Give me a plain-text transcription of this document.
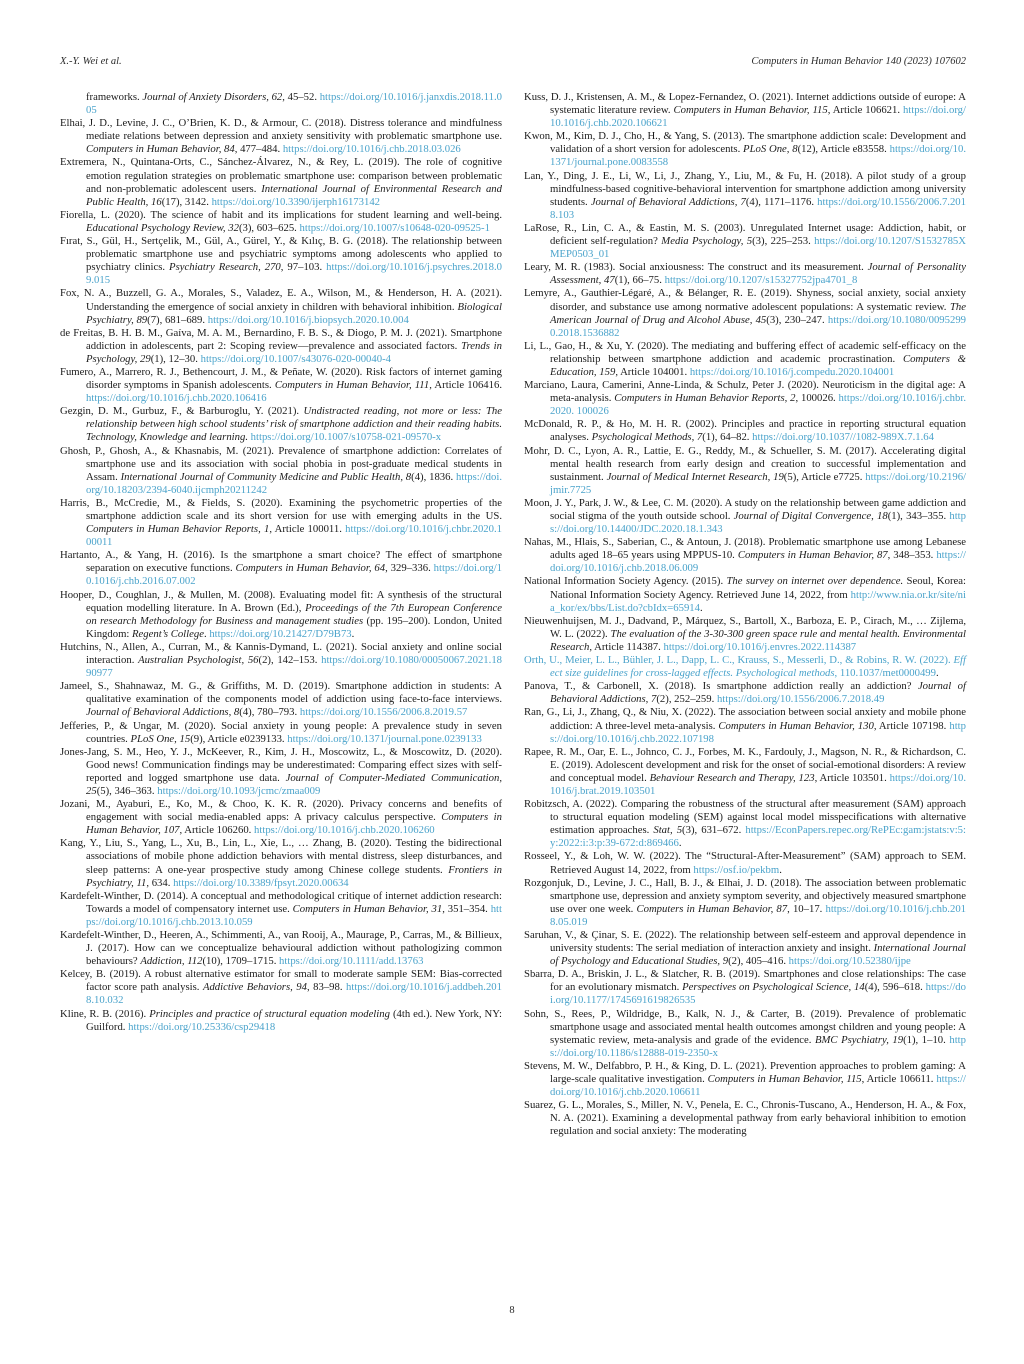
X.-Y. Wei et al.	Computers in Human Behavior 140 (2023) 107602

frameworks. Journal of Anxiety Disorders, 62, 45–52. https://doi.org/10.1016/j.janxdis.2018.11.005

Elhai, J. D., Levine, J. C., O’Brien, K. D., & Armour, C. (2018). Distress tolerance and mindfulness mediate relations between depression and anxiety sensitivity with problematic smartphone use. Computers in Human Behavior, 84, 477–484. https://doi.org/10.1016/j.chb.2018.03.026

Extremera, N., Quintana-Orts, C., Sánchez-Álvarez, N., & Rey, L. (2019). The role of cognitive emotion regulation strategies on problematic smartphone use: comparison between problematic and non-problematic adolescent users. International Journal of Environmental Research and Public Health, 16(17), 3142. https://doi.org/10.3390/ijerph16173142

Fiorella, L. (2020). The science of habit and its implications for student learning and well-being. Educational Psychology Review, 32(3), 603–625. https://doi.org/10.1007/s10648-020-09525-1

Fırat, S., Gül, H., Sertçelik, M., Gül, A., Gürel, Y., & Kılıç, B. G. (2018). The relationship between problematic smartphone use and psychiatric symptoms among adolescents who applied to psychiatry clinics. Psychiatry Research, 270, 97–103. https://doi.org/10.1016/j.psychres.2018.09.015

Fox, N. A., Buzzell, G. A., Morales, S., Valadez, E. A., Wilson, M., & Henderson, H. A. (2021). Understanding the emergence of social anxiety in children with behavioral inhibition. Biological Psychiatry, 89(7), 681–689. https://doi.org/10.1016/j.biopsych.2020.10.004

de Freitas, B. H. B. M., Gaíva, M. A. M., Bernardino, F. B. S., & Diogo, P. M. J. (2021). Smartphone addiction in adolescents, part 2: Scoping review—prevalence and associated factors. Trends in Psychology, 29(1), 12–30. https://doi.org/10.1007/s43076-020-00040-4

Fumero, A., Marrero, R. J., Bethencourt, J. M., & Peñate, W. (2020). Risk factors of internet gaming disorder symptoms in Spanish adolescents. Computers in Human Behavior, 111, Article 106416. https://doi.org/10.1016/j.chb.2020.106416

Gezgin, D. M., Gurbuz, F., & Barburoglu, Y. (2021). Undistracted reading, not more or less: The relationship between high school students’ risk of smartphone addiction and their reading habits. Technology, Knowledge and learning. https://doi.org/10.1007/s10758-021-09570-x

Ghosh, P., Ghosh, A., & Khasnabis, M. (2021). Prevalence of smartphone addiction: Correlates of smartphone use and its association with social phobia in post-graduate medical students in Assam. International Journal of Community Medicine and Public Health, 8(4), 1836. https://doi.org/10.18203/2394-6040.ijcmph20211242

Harris, B., McCredie, M., & Fields, S. (2020). Examining the psychometric properties of the smartphone addiction scale and its short version for use with emerging adults in the US. Computers in Human Behavior Reports, 1, Article 100011. https://doi.org/10.1016/j.chbr.2020.100011

Hartanto, A., & Yang, H. (2016). Is the smartphone a smart choice? The effect of smartphone separation on executive functions. Computers in Human Behavior, 64, 329–336. https://doi.org/10.1016/j.chb.2016.07.002

Hooper, D., Coughlan, J., & Mullen, M. (2008). Evaluating model fit: A synthesis of the structural equation modelling literature. In A. Brown (Ed.), Proceedings of the 7th European Conference on research Methodology for Business and management studies (pp. 195–200). London, United Kingdom: Regent’s College. https://doi.org/10.21427/D79B73.

Hutchins, N., Allen, A., Curran, M., & Kannis-Dymand, L. (2021). Social anxiety and online social interaction. Australian Psychologist, 56(2), 142–153. https://doi.org/10.1080/00050067.2021.1890977

Jameel, S., Shahnawaz, M. G., & Griffiths, M. D. (2019). Smartphone addiction in students: A qualitative examination of the components model of addiction using face-to-face interviews. Journal of Behavioral Addictions, 8(4), 780–793. https://doi.org/10.1556/2006.8.2019.57

Jefferies, P., & Ungar, M. (2020). Social anxiety in young people: A prevalence study in seven countries. PLoS One, 15(9), Article e0239133. https://doi.org/10.1371/journal.pone.0239133

Jones-Jang, S. M., Heo, Y. J., McKeever, R., Kim, J. H., Moscowitz, L., & Moscowitz, D. (2020). Good news! Communication findings may be underestimated: Comparing effect sizes with self-reported and logged smartphone use data. Journal of Computer-Mediated Communication, 25(5), 346–363. https://doi.org/10.1093/jcmc/zmaa009

Jozani, M., Ayaburi, E., Ko, M., & Choo, K. K. R. (2020). Privacy concerns and benefits of engagement with social media-enabled apps: A privacy calculus perspective. Computers in Human Behavior, 107, Article 106260. https://doi.org/10.1016/j.chb.2020.106260

Kang, Y., Liu, S., Yang, L., Xu, B., Lin, L., Xie, L., … Zhang, B. (2020). Testing the bidirectional associations of mobile phone addiction behaviors with mental distress, sleep disturbances, and sleep patterns: A one-year prospective study among Chinese college students. Frontiers in Psychiatry, 11, 634. https://doi.org/10.3389/fpsyt.2020.00634

Kardefelt-Winther, D. (2014). A conceptual and methodological critique of internet addiction research: Towards a model of compensatory internet use. Computers in Human Behavior, 31, 351–354. https://doi.org/10.1016/j.chb.2013.10.059

Kardefelt-Winther, D., Heeren, A., Schimmenti, A., van Rooij, A., Maurage, P., Carras, M., & Billieux, J. (2017). How can we conceptualize behavioural addiction without pathologizing common behaviours? Addiction, 112(10), 1709–1715. https://doi.org/10.1111/add.13763

Kelcey, B. (2019). A robust alternative estimator for small to moderate sample SEM: Bias-corrected factor score path analysis. Addictive Behaviors, 94, 83–98. https://doi.org/10.1016/j.addbeh.2018.10.032

Kline, R. B. (2016). Principles and practice of structural equation modeling (4th ed.). New York, NY: Guilford. https://doi.org/10.25336/csp29418

Kuss, D. J., Kristensen, A. M., & Lopez-Fernandez, O. (2021). Internet addictions outside of europe: A systematic literature review. Computers in Human Behavior, 115, Article 106621. https://doi.org/10.1016/j.chb.2020.106621

Kwon, M., Kim, D. J., Cho, H., & Yang, S. (2013). The smartphone addiction scale: Development and validation of a short version for adolescents. PLoS One, 8(12), Article e83558. https://doi.org/10.1371/journal.pone.0083558

Lan, Y., Ding, J. E., Li, W., Li, J., Zhang, Y., Liu, M., & Fu, H. (2018). A pilot study of a group mindfulness-based cognitive-behavioral intervention for smartphone addiction among university students. Journal of Behavioral Addictions, 7(4), 1171–1176. https://doi.org/10.1556/2006.7.2018.103

LaRose, R., Lin, C. A., & Eastin, M. S. (2003). Unregulated Internet usage: Addiction, habit, or deficient self-regulation? Media Psychology, 5(3), 225–253. https://doi.org/10.1207/S1532785XMEP0503_01

Leary, M. R. (1983). Social anxiousness: The construct and its measurement. Journal of Personality Assessment, 47(1), 66–75. https://doi.org/10.1207/s15327752jpa4701_8

Lemyre, A., Gauthier-Légaré, A., & Bélanger, R. E. (2019). Shyness, social anxiety, social anxiety disorder, and substance use among normative adolescent populations: A systematic review. The American Journal of Drug and Alcohol Abuse, 45(3), 230–247. https://doi.org/10.1080/00952990.2018.1536882

Li, L., Gao, H., & Xu, Y. (2020). The mediating and buffering effect of academic self-efficacy on the relationship between smartphone addiction and academic procrastination. Computers & Education, 159, Article 104001. https://doi.org/10.1016/j.compedu.2020.104001

Marciano, Laura, Camerini, Anne-Linda, & Schulz, Peter J. (2020). Neuroticism in the digital age: A meta-analysis. Computers in Human Behavior Reports, 2, 100026. https://doi.org/10.1016/j.chbr.2020. 100026

McDonald, R. P., & Ho, M. H. R. (2002). Principles and practice in reporting structural equation analyses. Psychological Methods, 7(1), 64–82. https://doi.org/10.1037//1082-989X.7.1.64

Mohr, D. C., Lyon, A. R., Lattie, E. G., Reddy, M., & Schueller, S. M. (2017). Accelerating digital mental health research from early design and creation to successful implementation and sustainment. Journal of Medical Internet Research, 19(5), Article e7725. https://doi.org/10.2196/jmir.7725

Moon, J. Y., Park, J. W., & Lee, C. M. (2020). A study on the relationship between game addiction and social stigma of the youth outside school. Journal of Digital Convergence, 18(1), 343–355. https://doi.org/10.14400/JDC.2020.18.1.343

Nahas, M., Hlais, S., Saberian, C., & Antoun, J. (2018). Problematic smartphone use among Lebanese adults aged 18–65 years using MPPUS-10. Computers in Human Behavior, 87, 348–353. https://doi.org/10.1016/j.chb.2018.06.009

National Information Society Agency. (2015). The survey on internet over dependence. Seoul, Korea: National Information Society Agency. Retrieved June 14, 2022, from http://www.nia.or.kr/site/nia_kor/ex/bbs/List.do?cbIdx=65914.

Nieuwenhuijsen, M. J., Dadvand, P., Márquez, S., Bartoll, X., Barboza, E. P., Cirach, M., … Zijlema, W. L. (2022). The evaluation of the 3-30-300 green space rule and mental health. Environmental Research, Article 114387. https://doi.org/10.1016/j.envres.2022.114387

Orth, U., Meier, L. L., Bühler, J. L., Dapp, L. C., Krauss, S., Messerli, D., & Robins, R. W. (2022). Effect size guidelines for cross-lagged effects. Psychological methods, 110.1037/met0000499.

Panova, T., & Carbonell, X. (2018). Is smartphone addiction really an addiction? Journal of Behavioral Addictions, 7(2), 252–259. https://doi.org/10.1556/2006.7.2018.49

Ran, G., Li, J., Zhang, Q., & Niu, X. (2022). The association between social anxiety and mobile phone addiction: A three-level meta-analysis. Computers in Human Behavior, 130, Article 107198. https://doi.org/10.1016/j.chb.2022.107198

Rapee, R. M., Oar, E. L., Johnco, C. J., Forbes, M. K., Fardouly, J., Magson, N. R., & Richardson, C. E. (2019). Adolescent development and risk for the onset of social-emotional disorders: A review and conceptual model. Behaviour Research and Therapy, 123, Article 103501. https://doi.org/10.1016/j.brat.2019.103501

Robitzsch, A. (2022). Comparing the robustness of the structural after measurement (SAM) approach to structural equation modeling (SEM) against local model misspecifications with alternative estimation approaches. Stat, 5(3), 631–672. https://EconPapers.repec.org/RePEc:gam:jstats:v:5:y:2022:i:3:p:39-672:d:869466.

Rosseel, Y., & Loh, W. W. (2022). The “Structural-After-Measurement” (SAM) approach to SEM. Retrieved August 14, 2022, from https://osf.io/pekbm.

Rozgonjuk, D., Levine, J. C., Hall, B. J., & Elhai, J. D. (2018). The association between problematic smartphone use, depression and anxiety symptom severity, and objectively measured smartphone use over one week. Computers in Human Behavior, 87, 10–17. https://doi.org/10.1016/j.chb.2018.05.019

Saruhan, V., & Çinar, S. E. (2022). The relationship between self-esteem and approval dependence in university students: The serial mediation of interaction anxiety and insight. International Journal of Psychology and Educational Studies, 9(2), 405–416. https://doi.org/10.52380/ijpe

Sbarra, D. A., Briskin, J. L., & Slatcher, R. B. (2019). Smartphones and close relationships: The case for an evolutionary mismatch. Perspectives on Psychological Science, 14(4), 596–618. https://doi.org/10.1177/1745691619826535

Sohn, S., Rees, P., Wildridge, B., Kalk, N. J., & Carter, B. (2019). Prevalence of problematic smartphone usage and associated mental health outcomes amongst children and young people: A systematic review, meta-analysis and grade of the evidence. BMC Psychiatry, 19(1), 1–10. https://doi.org/10.1186/s12888-019-2350-x

Stevens, M. W., Delfabbro, P. H., & King, D. L. (2021). Prevention approaches to problem gaming: A large-scale qualitative investigation. Computers in Human Behavior, 115, Article 106611. https://doi.org/10.1016/j.chb.2020.106611

Suarez, G. L., Morales, S., Miller, N. V., Penela, E. C., Chronis-Tuscano, A., Henderson, H. A., & Fox, N. A. (2021). Examining a developmental pathway from early behavioral inhibition to emotion regulation and social anxiety: The moderating

8
